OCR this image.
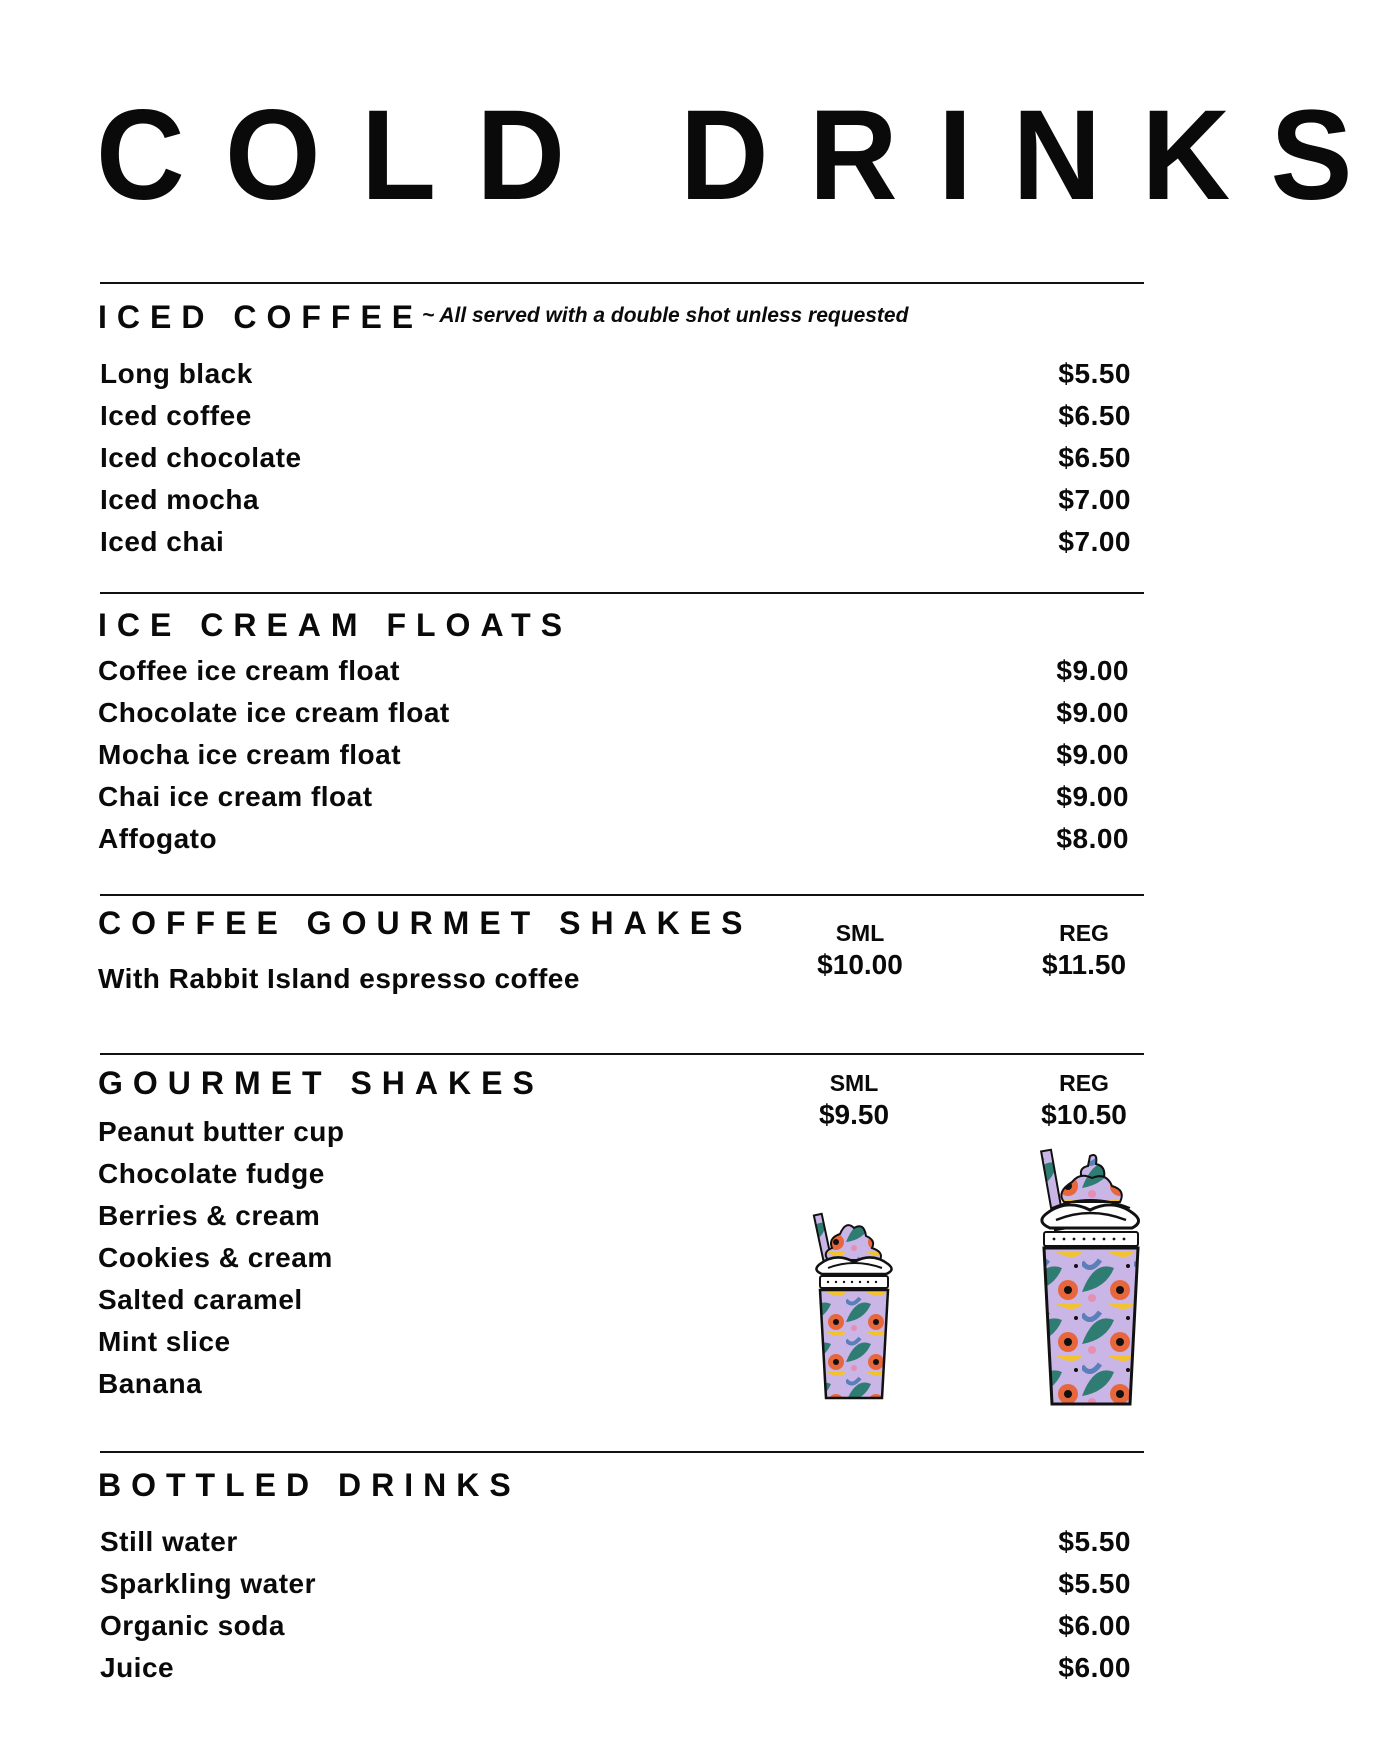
COLD DRINKS
ICED COFFEE
~ All served with a double shot unless requested
Long black
Iced coffee
Iced chocolate
Iced mocha
Iced chai
$5.50
$6.50
$6.50
$7.00
$7.00
ICE CREAM FLOATS
Coffee ice cream float
Chocolate ice cream float
Mocha ice cream float
Chai ice cream float
Affogato
$9.00
$9.00
$9.00
$9.00
$8.00
COFFEE GOURMET SHAKES
With Rabbit Island espresso coffee
SML
$10.00
REG
$11.50
GOURMET SHAKES	SML
$9.50
REG
$10.50
Peanut butter cup
Chocolate fudge
Berries & cream
Cookies & cream
Salted caramel
Mint slice
Banana
BOTTLED DRINKS
Still water
Sparkling water
Organic soda
Juice
$5.50
$5.50
$6.00
$6.00
